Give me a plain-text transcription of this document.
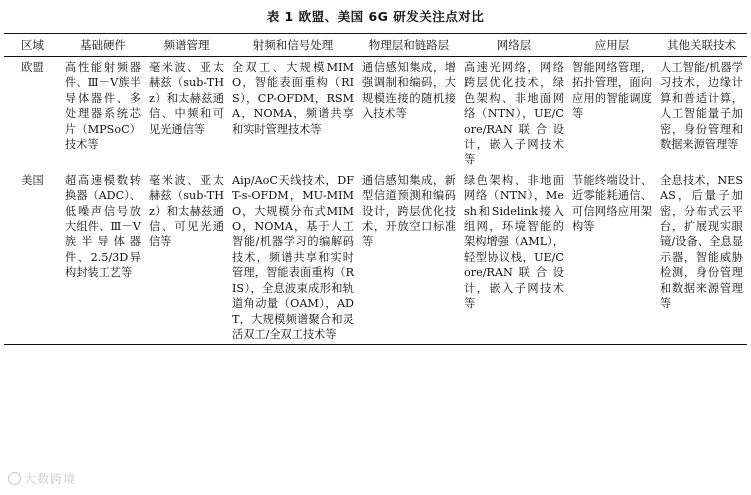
表 1 欧盟、美国 6G 研发关注点对比
区域	基础硬件	频谱管理	射频和信号处理	物理层和链路层	网络层	应用层	其他关联技术
欧盟	高性能射频器件、Ⅲ－Ⅴ族半导体器件、多处理器系统芯片（MPSoC）技术等	毫米波、亚太赫兹（sub-THz）和太赫兹通信、中频和可见光通信等	全双工、大规模MIMO，智能表面重构（RIS），CP-OFDM，RSMA，NOMA，频谱共享和实时管理技术等	通信感知集成，增强调制和编码，大规模连接的随机接入技术等	高速光网络，网络跨层优化技术，绿色架构、非地面网络（NTN），UE/Core/RAN联合设计，嵌入子网技术等	智能网络管理，拓扑管理，面向应用的智能调度等	人工智能/机器学习技术，边缘计算和普适计算，人工智能量子加密，身份管理和数据来源管理等
美国	超高速模数转换器（ADC）、低噪声信号放大组件、Ⅲ－Ⅴ族半导体器件、2.5/3D异构封装工艺等	毫米波、亚太赫兹（sub-THz）和太赫兹通信、可见光通信等	Aip/AoC天线技术，DFT-s-OFDM，MU-MIMO，大规模分布式MIMO，NOMA，基于人工智能/机器学习的编解码技术，频谱共享和实时管理，智能表面重构（RIS），全息波束成形和轨道角动量（OAM），ADT，大规模频谱聚合和灵活双工/全双工技术等	通信感知集成，新型信道预测和编码设计，跨层优化技术，开放空口标准等	绿色架构、非地面网络（NTN），Mesh和Sidelink接入组网，环境智能的架构增强（AML），轻型协议栈，UE/Core/RAN联合设计，嵌入子网技术等	节能终端设计、近零能耗通信、可信网络应用架构等	全息技术，NESAS，后量子加密，分布式云平台，扩展现实眼镜/设备、全息显示器，智能威胁检测，身份管理和数据来源管理等
大数跨境
